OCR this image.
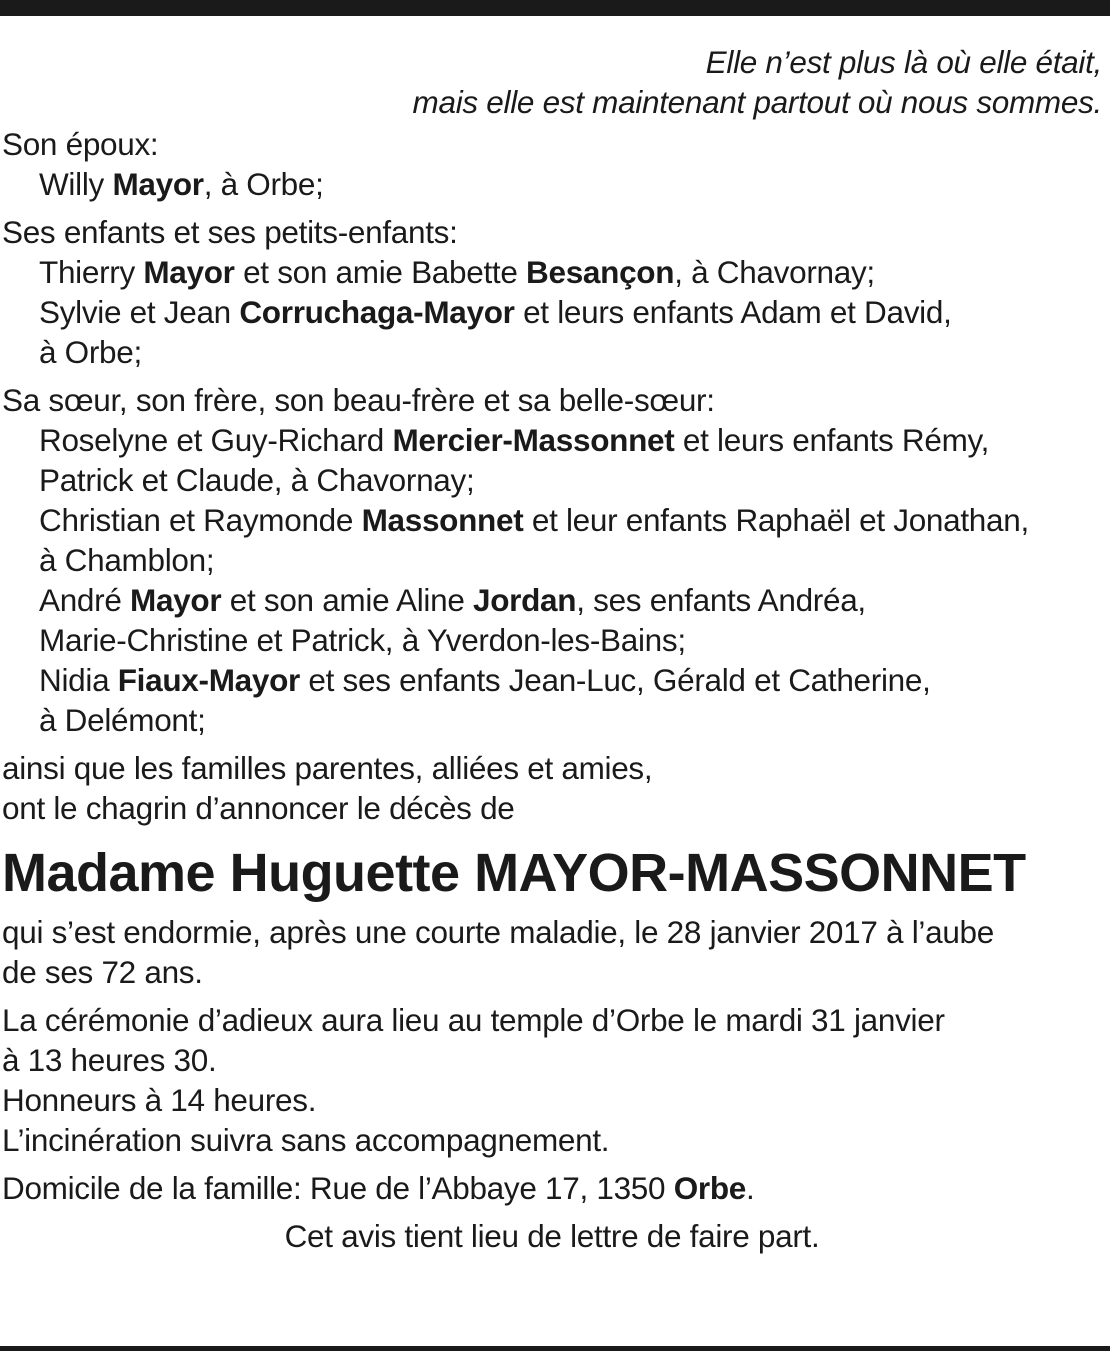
Elle n’est plus là où elle était,
mais elle est maintenant partout où nous sommes.
Son époux:
Willy Mayor, à Orbe;
Ses enfants et ses petits-enfants:
Thierry Mayor et son amie Babette Besançon, à Chavornay;
Sylvie et Jean Corruchaga-Mayor et leurs enfants Adam et David,
à Orbe;
Sa sœur, son frère, son beau-frère et sa belle-sœur:
Roselyne et Guy-Richard Mercier-Massonnet et leurs enfants Rémy,
Patrick et Claude, à Chavornay;
Christian et Raymonde Massonnet et leur enfants Raphaël et Jonathan,
à Chamblon;
André Mayor et son amie Aline Jordan, ses enfants Andréa,
Marie-Christine et Patrick, à Yverdon-les-Bains;
Nidia Fiaux-Mayor et ses enfants Jean-Luc, Gérald et Catherine,
à Delémont;
ainsi que les familles parentes, alliées et amies,
ont le chagrin d’annoncer le décès de
Madame Huguette MAYOR-MASSONNET
qui s’est endormie, après une courte maladie, le 28 janvier 2017 à l’aube
de ses 72 ans.
La cérémonie d’adieux aura lieu au temple d’Orbe le mardi 31 janvier
à 13 heures 30.
Honneurs à 14 heures.
L’incinération suivra sans accompagnement.
Domicile de la famille: Rue de l’Abbaye 17, 1350 Orbe.
Cet avis tient lieu de lettre de faire part.
